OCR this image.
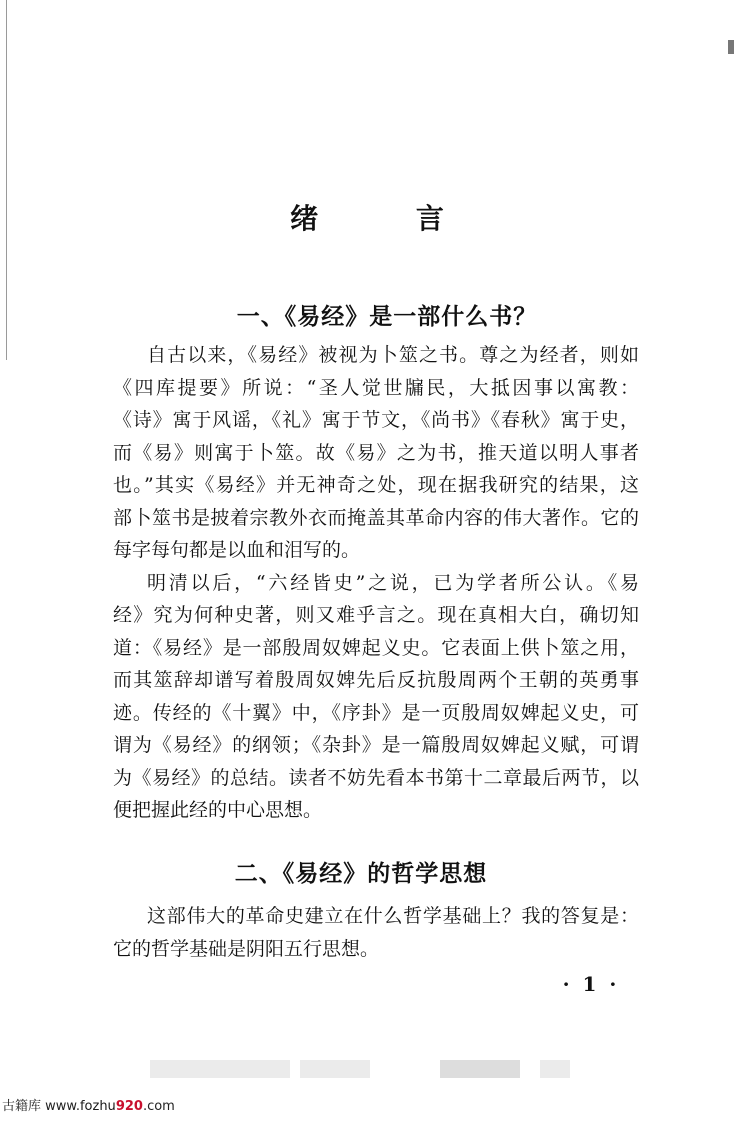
绪 言
一、《易经》是一部什么书？
自古以来，《易经》被视为卜筮之书。尊之为经者，则如
《四库提要》所说：“圣人觉世牖民，大抵因事以寓教：
《诗》寓于风谣，《礼》寓于节文，《尚书》《春秋》寓于史，
而《易》则寓于卜筮。故《易》之为书，推天道以明人事者
也。”其实《易经》并无神奇之处，现在据我研究的结果，这
部卜筮书是披着宗教外衣而掩盖其革命内容的伟大著作。它的
每字每句都是以血和泪写的。
明清以后，“六经皆史”之说，已为学者所公认。《易
经》究为何种史著，则又难乎言之。现在真相大白，确切知
道：《易经》是一部殷周奴婢起义史。它表面上供卜筮之用，
而其筮辞却谱写着殷周奴婢先后反抗殷周两个王朝的英勇事
迹。传经的《十翼》中，《序卦》是一页殷周奴婢起义史，可
谓为《易经》的纲领；《杂卦》是一篇殷周奴婢起义赋，可谓
为《易经》的总结。读者不妨先看本书第十二章最后两节，以
便把握此经的中心思想。
二、《易经》的哲学思想
这部伟大的革命史建立在什么哲学基础上？我的答复是：
它的哲学基础是阴阳五行思想。
· 1 ·
古籍库 www.fozhu920.com
